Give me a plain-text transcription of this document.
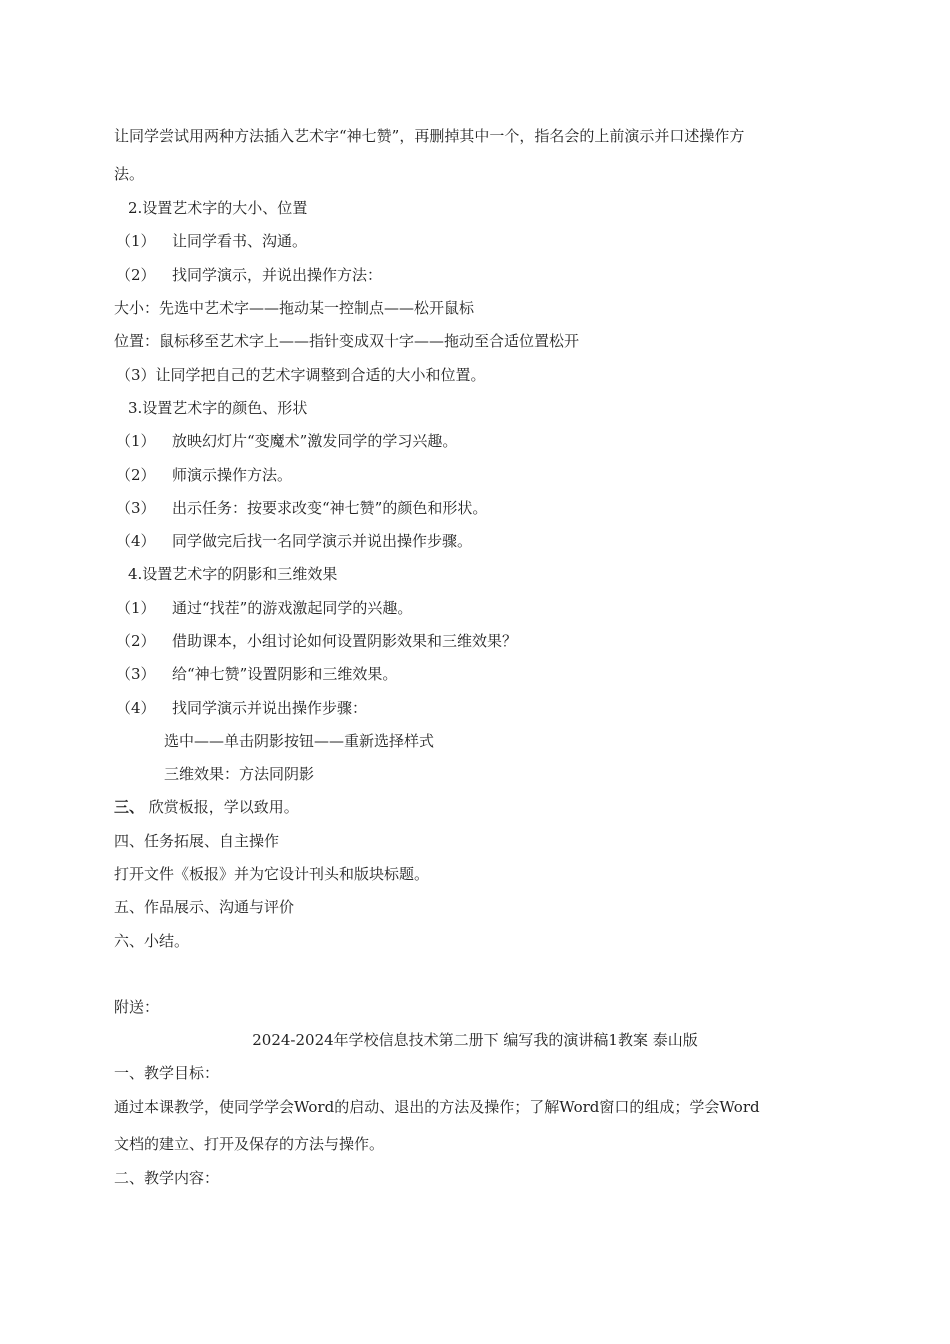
让同学尝试用两种方法插入艺术字“神七赞”，再删掉其中一个，指名会的上前演示并口述操作方
法。
2.设置艺术字的大小、位置
（1） 让同学看书、沟通。
（2） 找同学演示，并说出操作方法：
大小：先选中艺术字——拖动某一控制点——松开鼠标
位置：鼠标移至艺术字上——指针变成双十字——拖动至合适位置松开
（3）让同学把自己的艺术字调整到合适的大小和位置。
3.设置艺术字的颜色、形状
（1） 放映幻灯片“变魔术”激发同学的学习兴趣。
（2） 师演示操作方法。
（3） 出示任务：按要求改变“神七赞”的颜色和形状。
（4） 同学做完后找一名同学演示并说出操作步骤。
4.设置艺术字的阴影和三维效果
（1） 通过“找茬”的游戏激起同学的兴趣。
（2） 借助课本，小组讨论如何设置阴影效果和三维效果？
（3） 给“神七赞”设置阴影和三维效果。
（4） 找同学演示并说出操作步骤：
选中——单击阴影按钮——重新选择样式
三维效果：方法同阴影
三、 欣赏板报，学以致用。
四、任务拓展、自主操作
打开文件《板报》并为它设计刊头和版块标题。
五、作品展示、沟通与评价
六、小结。
附送：
2024-2024年学校信息技术第二册下 编写我的演讲稿1教案 泰山版
一、教学目标：
通过本课教学，使同学学会Word的启动、退出的方法及操作；了解Word窗口的组成；学会Word
文档的建立、打开及保存的方法与操作。
二、教学内容：
